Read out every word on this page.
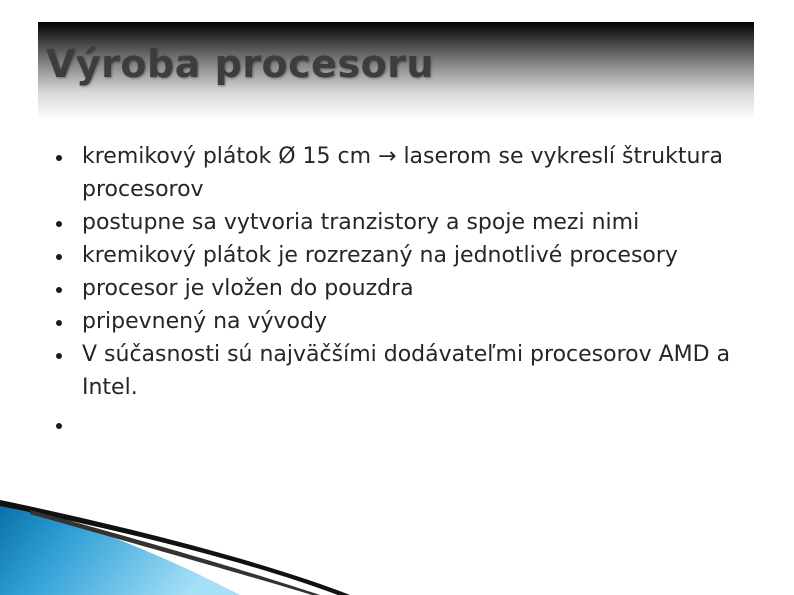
Výroba procesoru
kremikový plátok Ø 15 cm → laserom se vykreslí štruktura procesorov
postupne sa vytvoria tranzistory a spoje mezi nimi
kremikový plátok je rozrezaný na jednotlivé procesory
procesor je vložen do pouzdra
pripevnený na vývody
V súčasnosti sú najväčšími dodávateľmi procesorov AMD a Intel.
